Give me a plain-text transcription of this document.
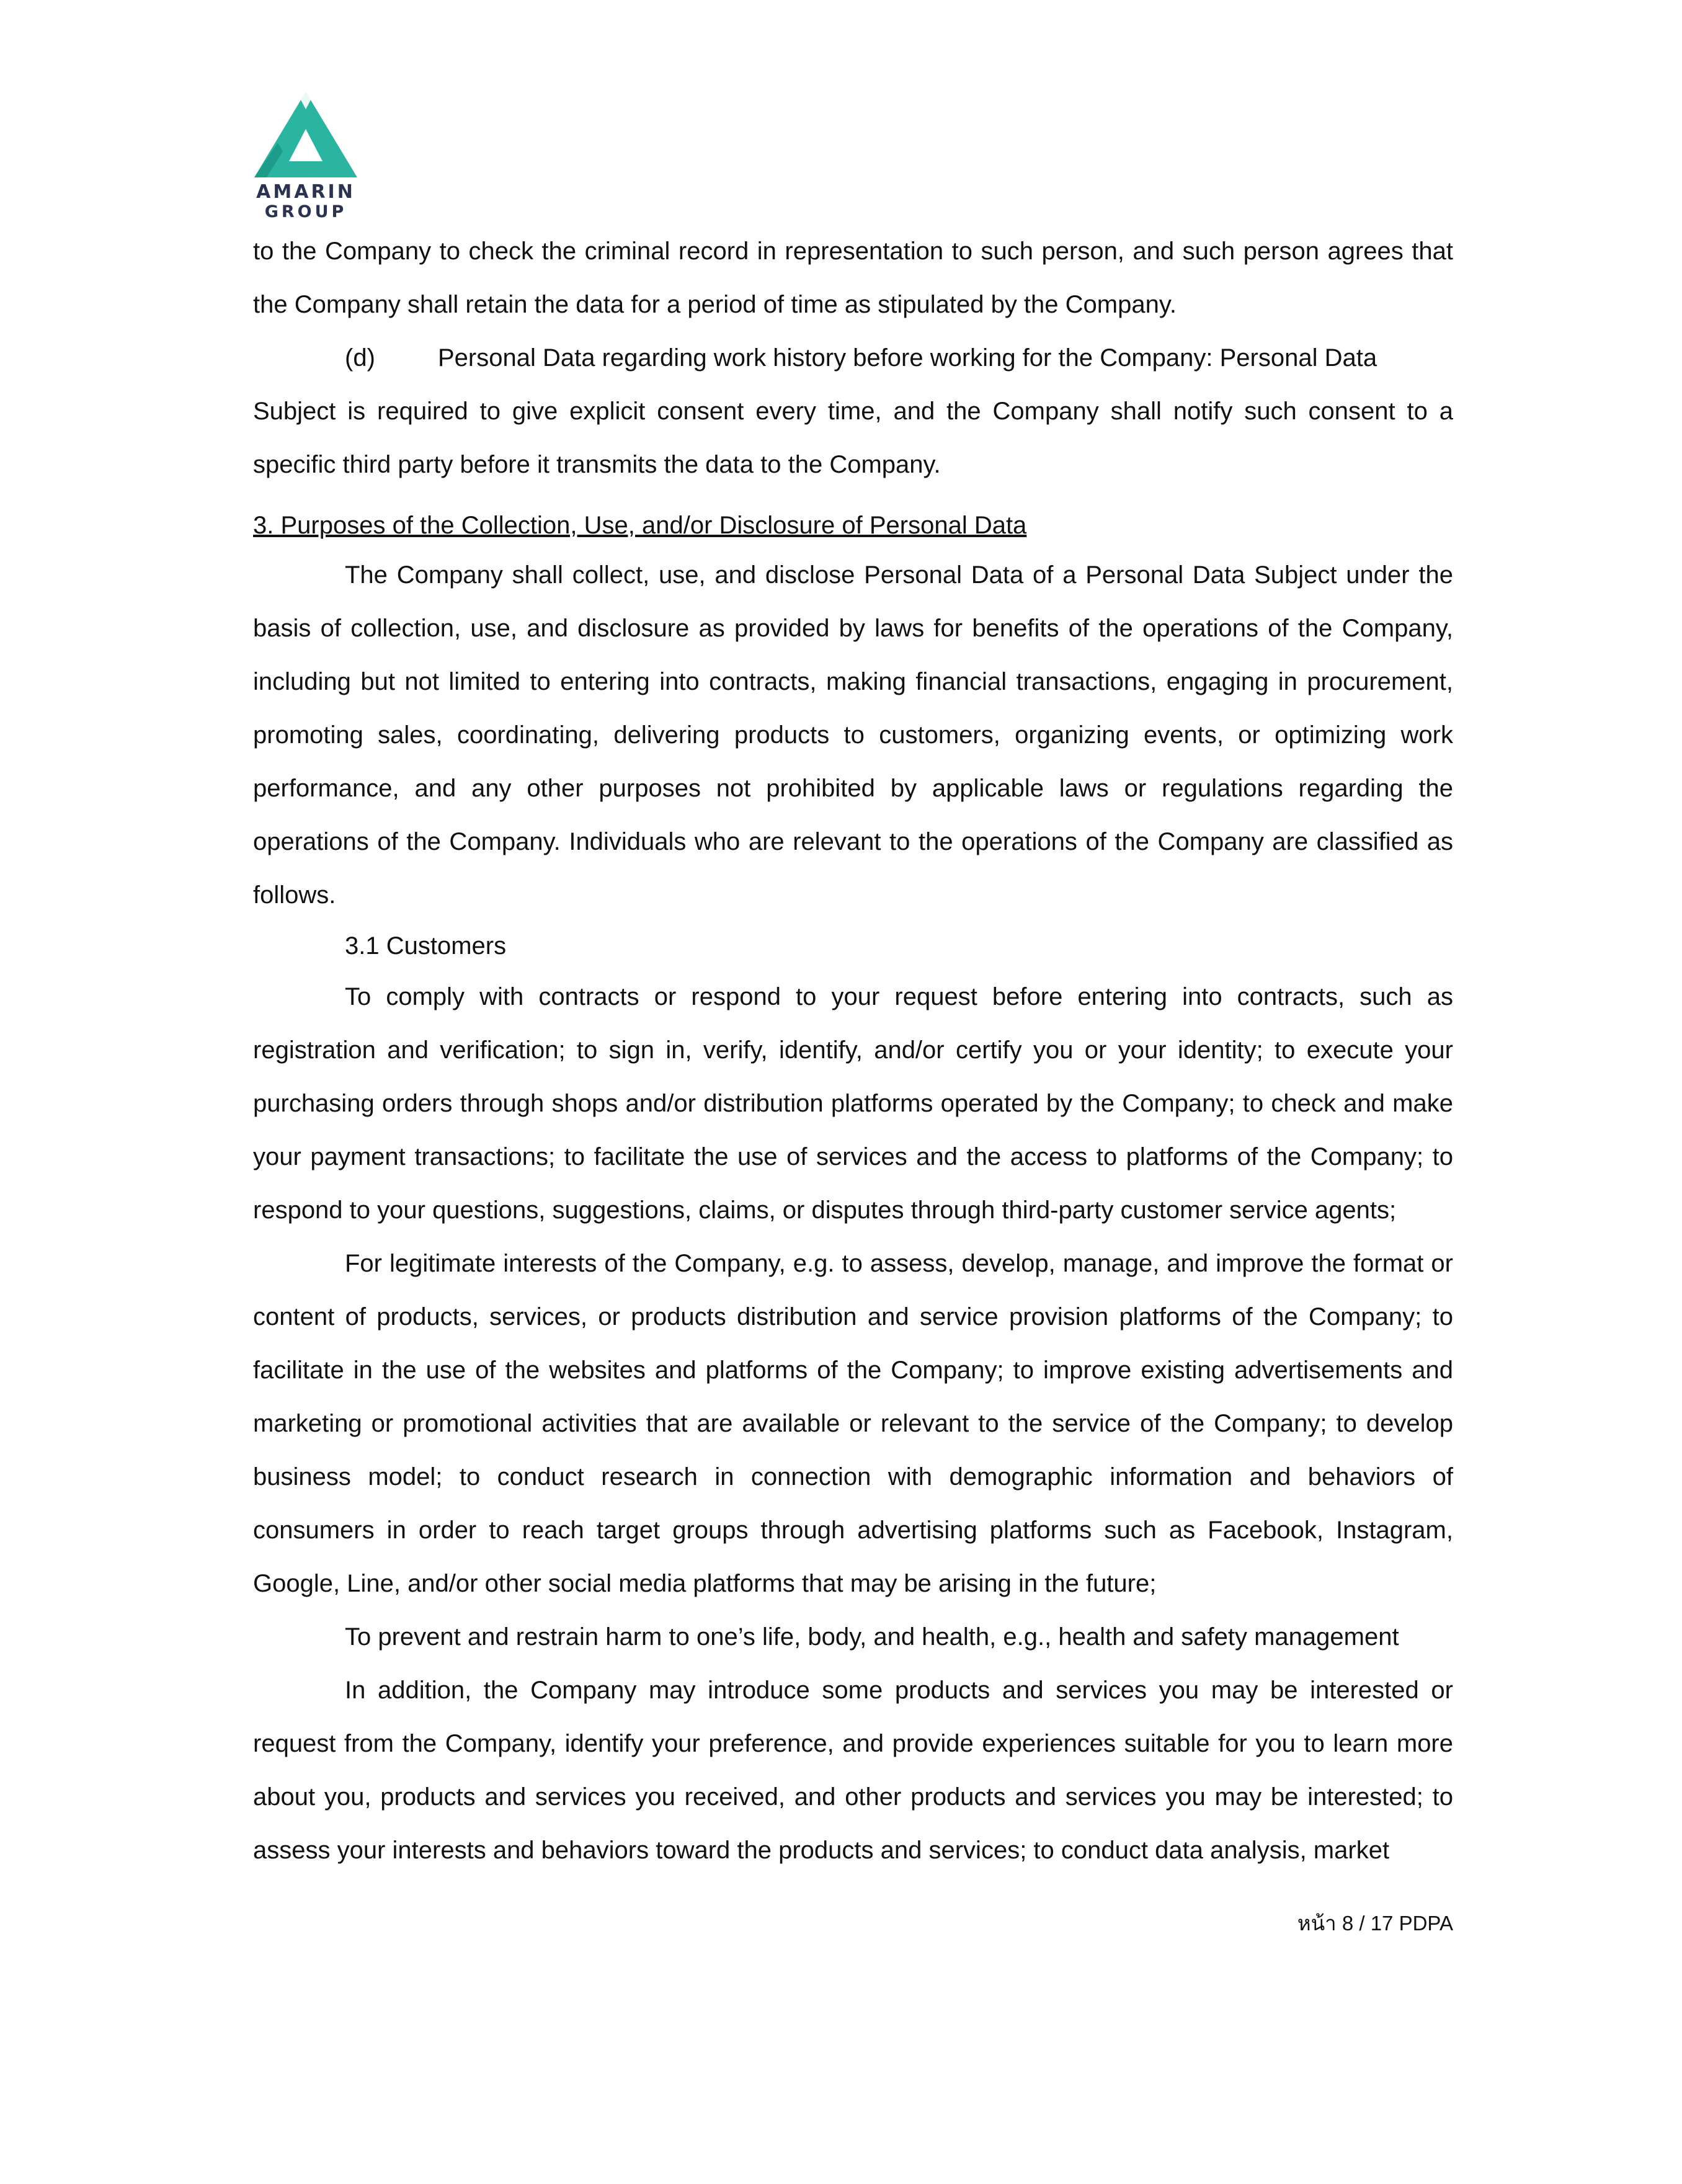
AMARIN
GROUP

to the Company to check the criminal record in representation to such person, and such person agrees that the Company shall retain the data for a period of time as stipulated by the Company.

(d)	Personal Data regarding work history before working for the Company: Personal Data

Subject is required to give explicit consent every time, and the Company shall notify such consent to a specific third party before it transmits the data to the Company.

3. Purposes of the Collection, Use, and/or Disclosure of Personal Data

The Company shall collect, use, and disclose Personal Data of a Personal Data Subject under the basis of collection, use, and disclosure as provided by laws for benefits of the operations of the Company, including but not limited to entering into contracts, making financial transactions, engaging in procurement, promoting sales, coordinating, delivering products to customers, organizing events, or optimizing work performance, and any other purposes not prohibited by applicable laws or regulations regarding the operations of the Company. Individuals who are relevant to the operations of the Company are classified as follows.

3.1 Customers

To comply with contracts or respond to your request before entering into contracts, such as registration and verification; to sign in, verify, identify, and/or certify you or your identity; to execute your purchasing orders through shops and/or distribution platforms operated by the Company; to check and make your payment transactions; to facilitate the use of services and the access to platforms of the Company; to respond to your questions, suggestions, claims, or disputes through third-party customer service agents;

For legitimate interests of the Company, e.g. to assess, develop, manage, and improve the format or content of products, services, or products distribution and service provision platforms of the Company; to facilitate in the use of the websites and platforms of the Company; to improve existing advertisements and marketing or promotional activities that are available or relevant to the service of the Company; to develop business model; to conduct research in connection with demographic information and behaviors of consumers in order to reach target groups through advertising platforms such as Facebook, Instagram, Google, Line, and/or other social media platforms that may be arising in the future;

To prevent and restrain harm to one’s life, body, and health, e.g., health and safety management

In addition, the Company may introduce some products and services you may be interested or request from the Company, identify your preference, and provide experiences suitable for you to learn more about you, products and services you received, and other products and services you may be interested; to assess your interests and behaviors toward the products and services; to conduct data analysis, market

หน้า 8 / 17 PDPA
